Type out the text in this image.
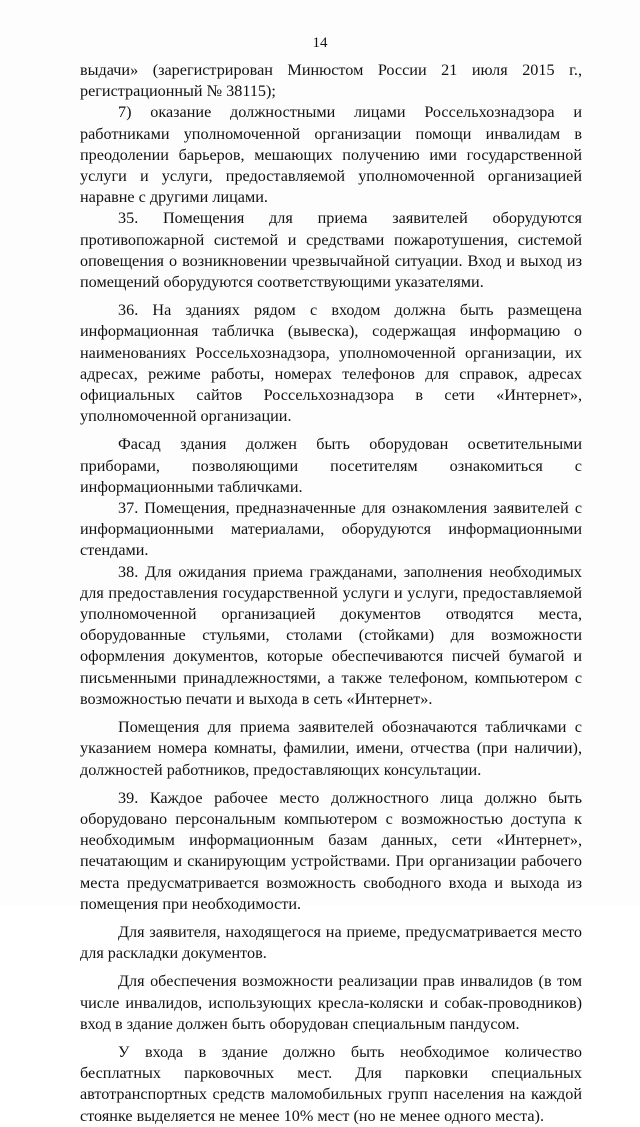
14

выдачи» (зарегистрирован Минюстом России 21 июля 2015 г., регистрационный № 38115);

7) оказание должностными лицами Россельхознадзора и работниками уполномоченной организации помощи инвалидам в преодолении барьеров, мешающих получению ими государственной услуги и услуги, предоставляемой уполномоченной организацией наравне с другими лицами.

35. Помещения для приема заявителей оборудуются противопожарной системой и средствами пожаротушения, системой оповещения о возникновении чрезвычайной ситуации. Вход и выход из помещений оборудуются соответствующими указателями.

36. На зданиях рядом с входом должна быть размещена информационная табличка (вывеска), содержащая информацию о наименованиях Россельхознадзора, уполномоченной организации, их адресах, режиме работы, номерах телефонов для справок, адресах официальных сайтов Россельхознадзора в сети «Интернет», уполномоченной организации.

Фасад здания должен быть оборудован осветительными приборами, позволяющими посетителям ознакомиться с информационными табличками.

37. Помещения, предназначенные для ознакомления заявителей с информационными материалами, оборудуются информационными стендами.

38. Для ожидания приема гражданами, заполнения необходимых для предоставления государственной услуги и услуги, предоставляемой уполномоченной организацией документов отводятся места, оборудованные стульями, столами (стойками) для возможности оформления документов, которые обеспечиваются писчей бумагой и письменными принадлежностями, а также телефоном, компьютером с возможностью печати и выхода в сеть «Интернет».

Помещения для приема заявителей обозначаются табличками с указанием номера комнаты, фамилии, имени, отчества (при наличии), должностей работников, предоставляющих консультации.

39. Каждое рабочее место должностного лица должно быть оборудовано персональным компьютером с возможностью доступа к необходимым информационным базам данных, сети «Интернет», печатающим и сканирующим устройствами. При организации рабочего места предусматривается возможность свободного входа и выхода из помещения при необходимости.

Для заявителя, находящегося на приеме, предусматривается место для раскладки документов.

Для обеспечения возможности реализации прав инвалидов (в том числе инвалидов, использующих кресла-коляски и собак-проводников) вход в здание должен быть оборудован специальным пандусом.

У входа в здание должно быть необходимое количество бесплатных парковочных мест. Для парковки специальных автотранспортных средств маломобильных групп населения на каждой стоянке выделяется не менее 10% мест (но не менее одного места).
